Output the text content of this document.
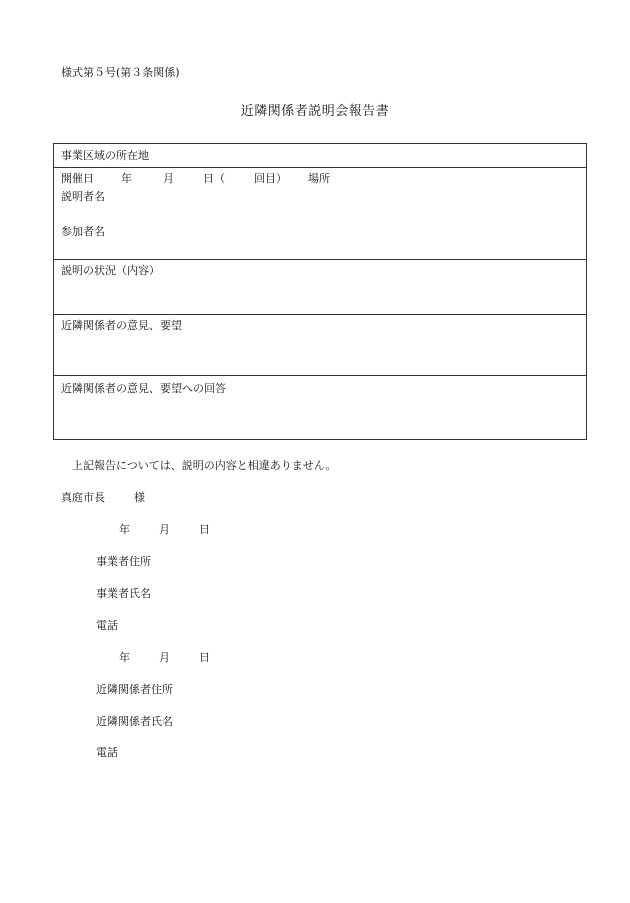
様式第５号(第３条関係)
近隣関係者説明会報告書
事業区域の所在地
開催日 年	月	日（	回目） 場所
説明者名
参加者名
説明の状況（内容）
近隣関係者の意見、要望
近隣関係者の意見、要望への回答
上記報告については、説明の内容と相違ありません。
真庭市長	様
年	月	日
事業者住所
事業者氏名
電話
年	月	日
近隣関係者住所
近隣関係者氏名
電話
